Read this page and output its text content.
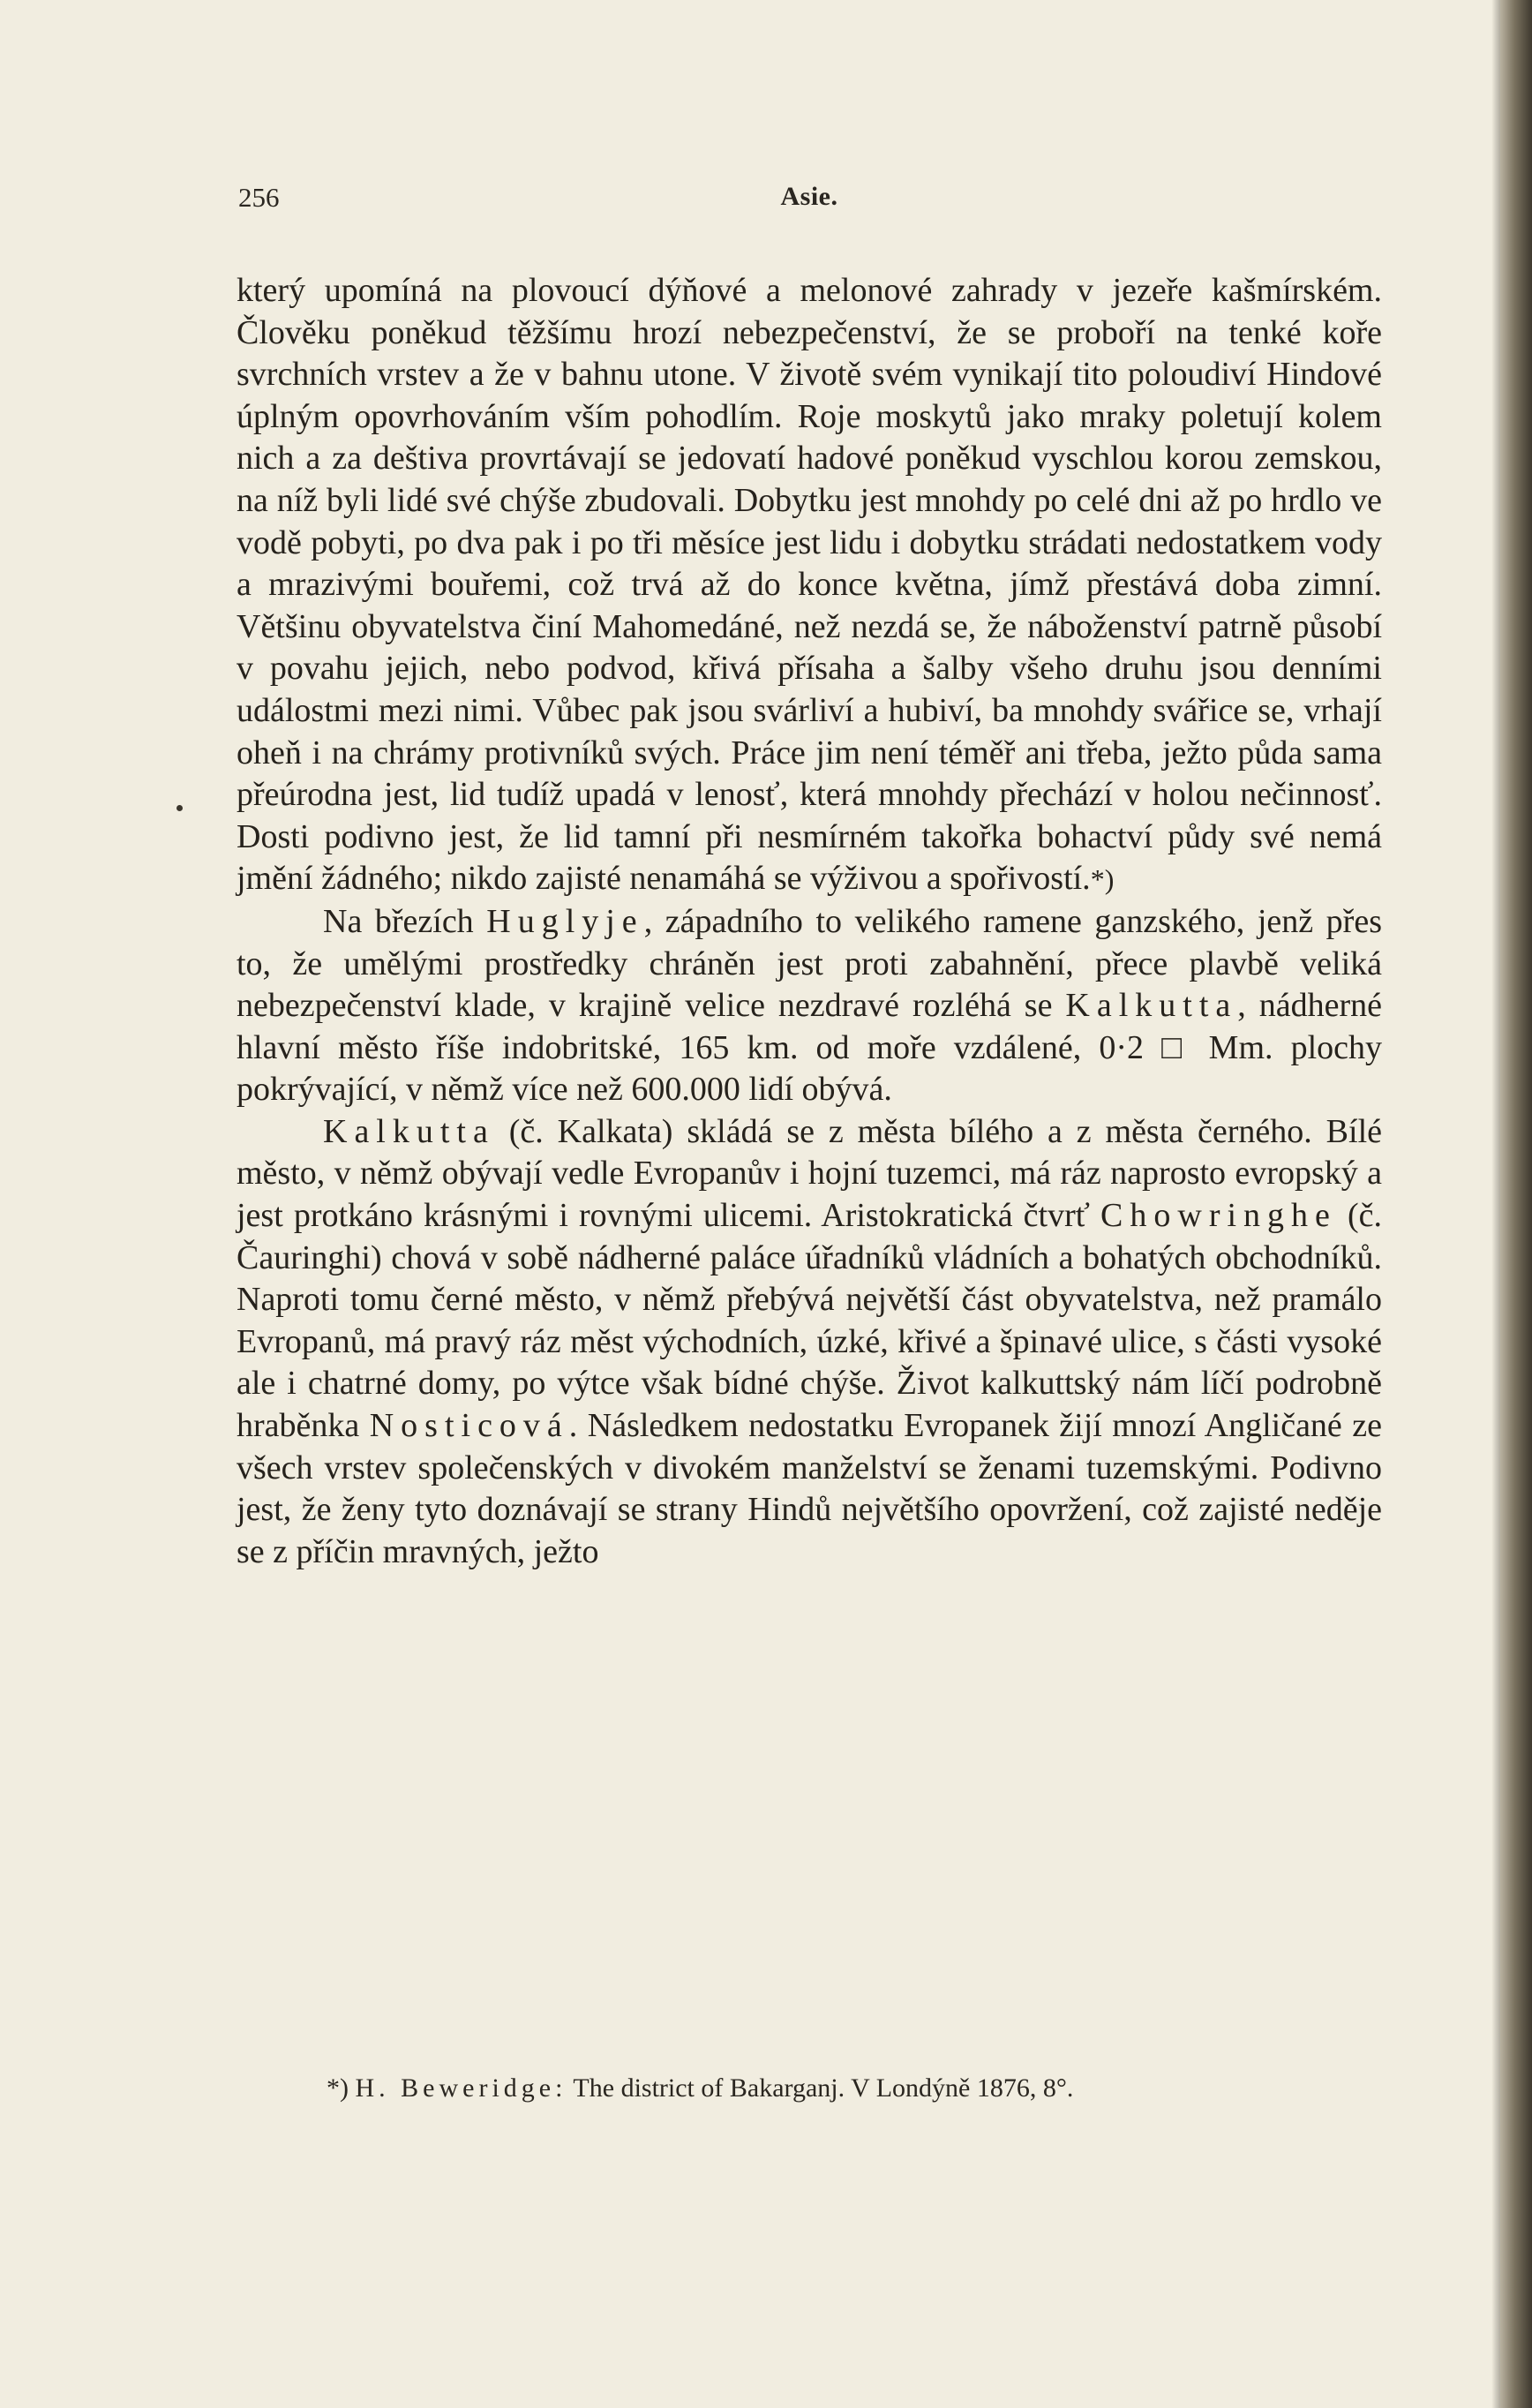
256	Asie.

který upomíná na plovoucí dýňové a melonové zahrady v jezeře kašmírském. Člověku poněkud těžšímu hrozí nebezpečenství, že se proboří na tenké kořе svrchních vrstev a že v bahnu utone. V životě svém vynikají tito poloudiví Hindové úplným opovrhováním vším pohodlím. Roje moskytů jako mraky poletují kolem nich a za deštiva provrtávají se jedovatí hadové poněkud vyschlou korou zemskou, na níž byli lidé své chýše zbudovali. Dobytku jest mnohdy po celé dni až po hrdlo ve vodě pobyti, po dva pak i po tři měsíce jest lidu i dobytku strádati nedostatkem vody a mrazivými bouřemi, což trvá až do konce května, jímž přestává doba zimní. Většinu obyvatelstva činí Mahomedáné, než nezdá se, že náboženství patrně působí v povahu jejich, nebo podvod, křivá přísaha a šalby všeho druhu jsou denními událostmi mezi nimi. Vůbec pak jsou svárliví a hubiví, ba mnohdy svářice se, vrhají oheň i na chrámy protivníků svých. Práce jim není téměř ani třeba, ježto půda sama přeúrodna jest, lid tudíž upadá v lenosť, která mnohdy přechází v holou nečinnosť. Dosti podivno jest, že lid tamní při nesmírném takořka bohactví půdy své nemá jmění žádného; nikdo zajisté nenamáhá se výživou a spořivostí.*)

Na březích Huglyje, západního to velikého ramene ganzského, jenž přes to, že umělými prostředky chráněn jest proti zabahnění, přece plavbě veliká nebezpečenství klade, v krajině velice nezdravé rozléhá se Kalkutta, nádherné hlavní město říše indobritské, 165 km. od moře vzdálené, 0·2 □ Mm. plochy pokrývající, v němž více než 600.000 lidí obývá.

Kalkutta (č. Kalkata) skládá se z města bílého a z města černého. Bílé město, v němž obývají vedle Evropanův i hojní tuzemci, má ráz naprosto evropský a jest protkáno krásnými i rovnými ulicemi. Aristokratická čtvrť Chowringhe (č. Čauringhi) chová v sobě nádherné paláce úřadníků vládních a bohatých obchodníků. Naproti tomu černé město, v němž přebývá největší část obyvatelstva, než pramálo Evropanů, má pravý ráz měst východních, úzké, křivé a špinavé ulice, s části vysoké ale i chatrné domy, po výtce však bídné chýše. Život kalkuttský nám líčí podrobně hraběnka Nosticová. Následkem nedostatku Evropanek žijí mnozí Angličané ze všech vrstev společenských v divokém manželství se ženami tuzemskými. Podivno jest, že ženy tyto doznávají se strany Hindů největšího opovržení, což zajisté neděje se z příčin mravných, ježto

*) H. Beweridge: The district of Bakarganj. V Londýně 1876, 8°.
